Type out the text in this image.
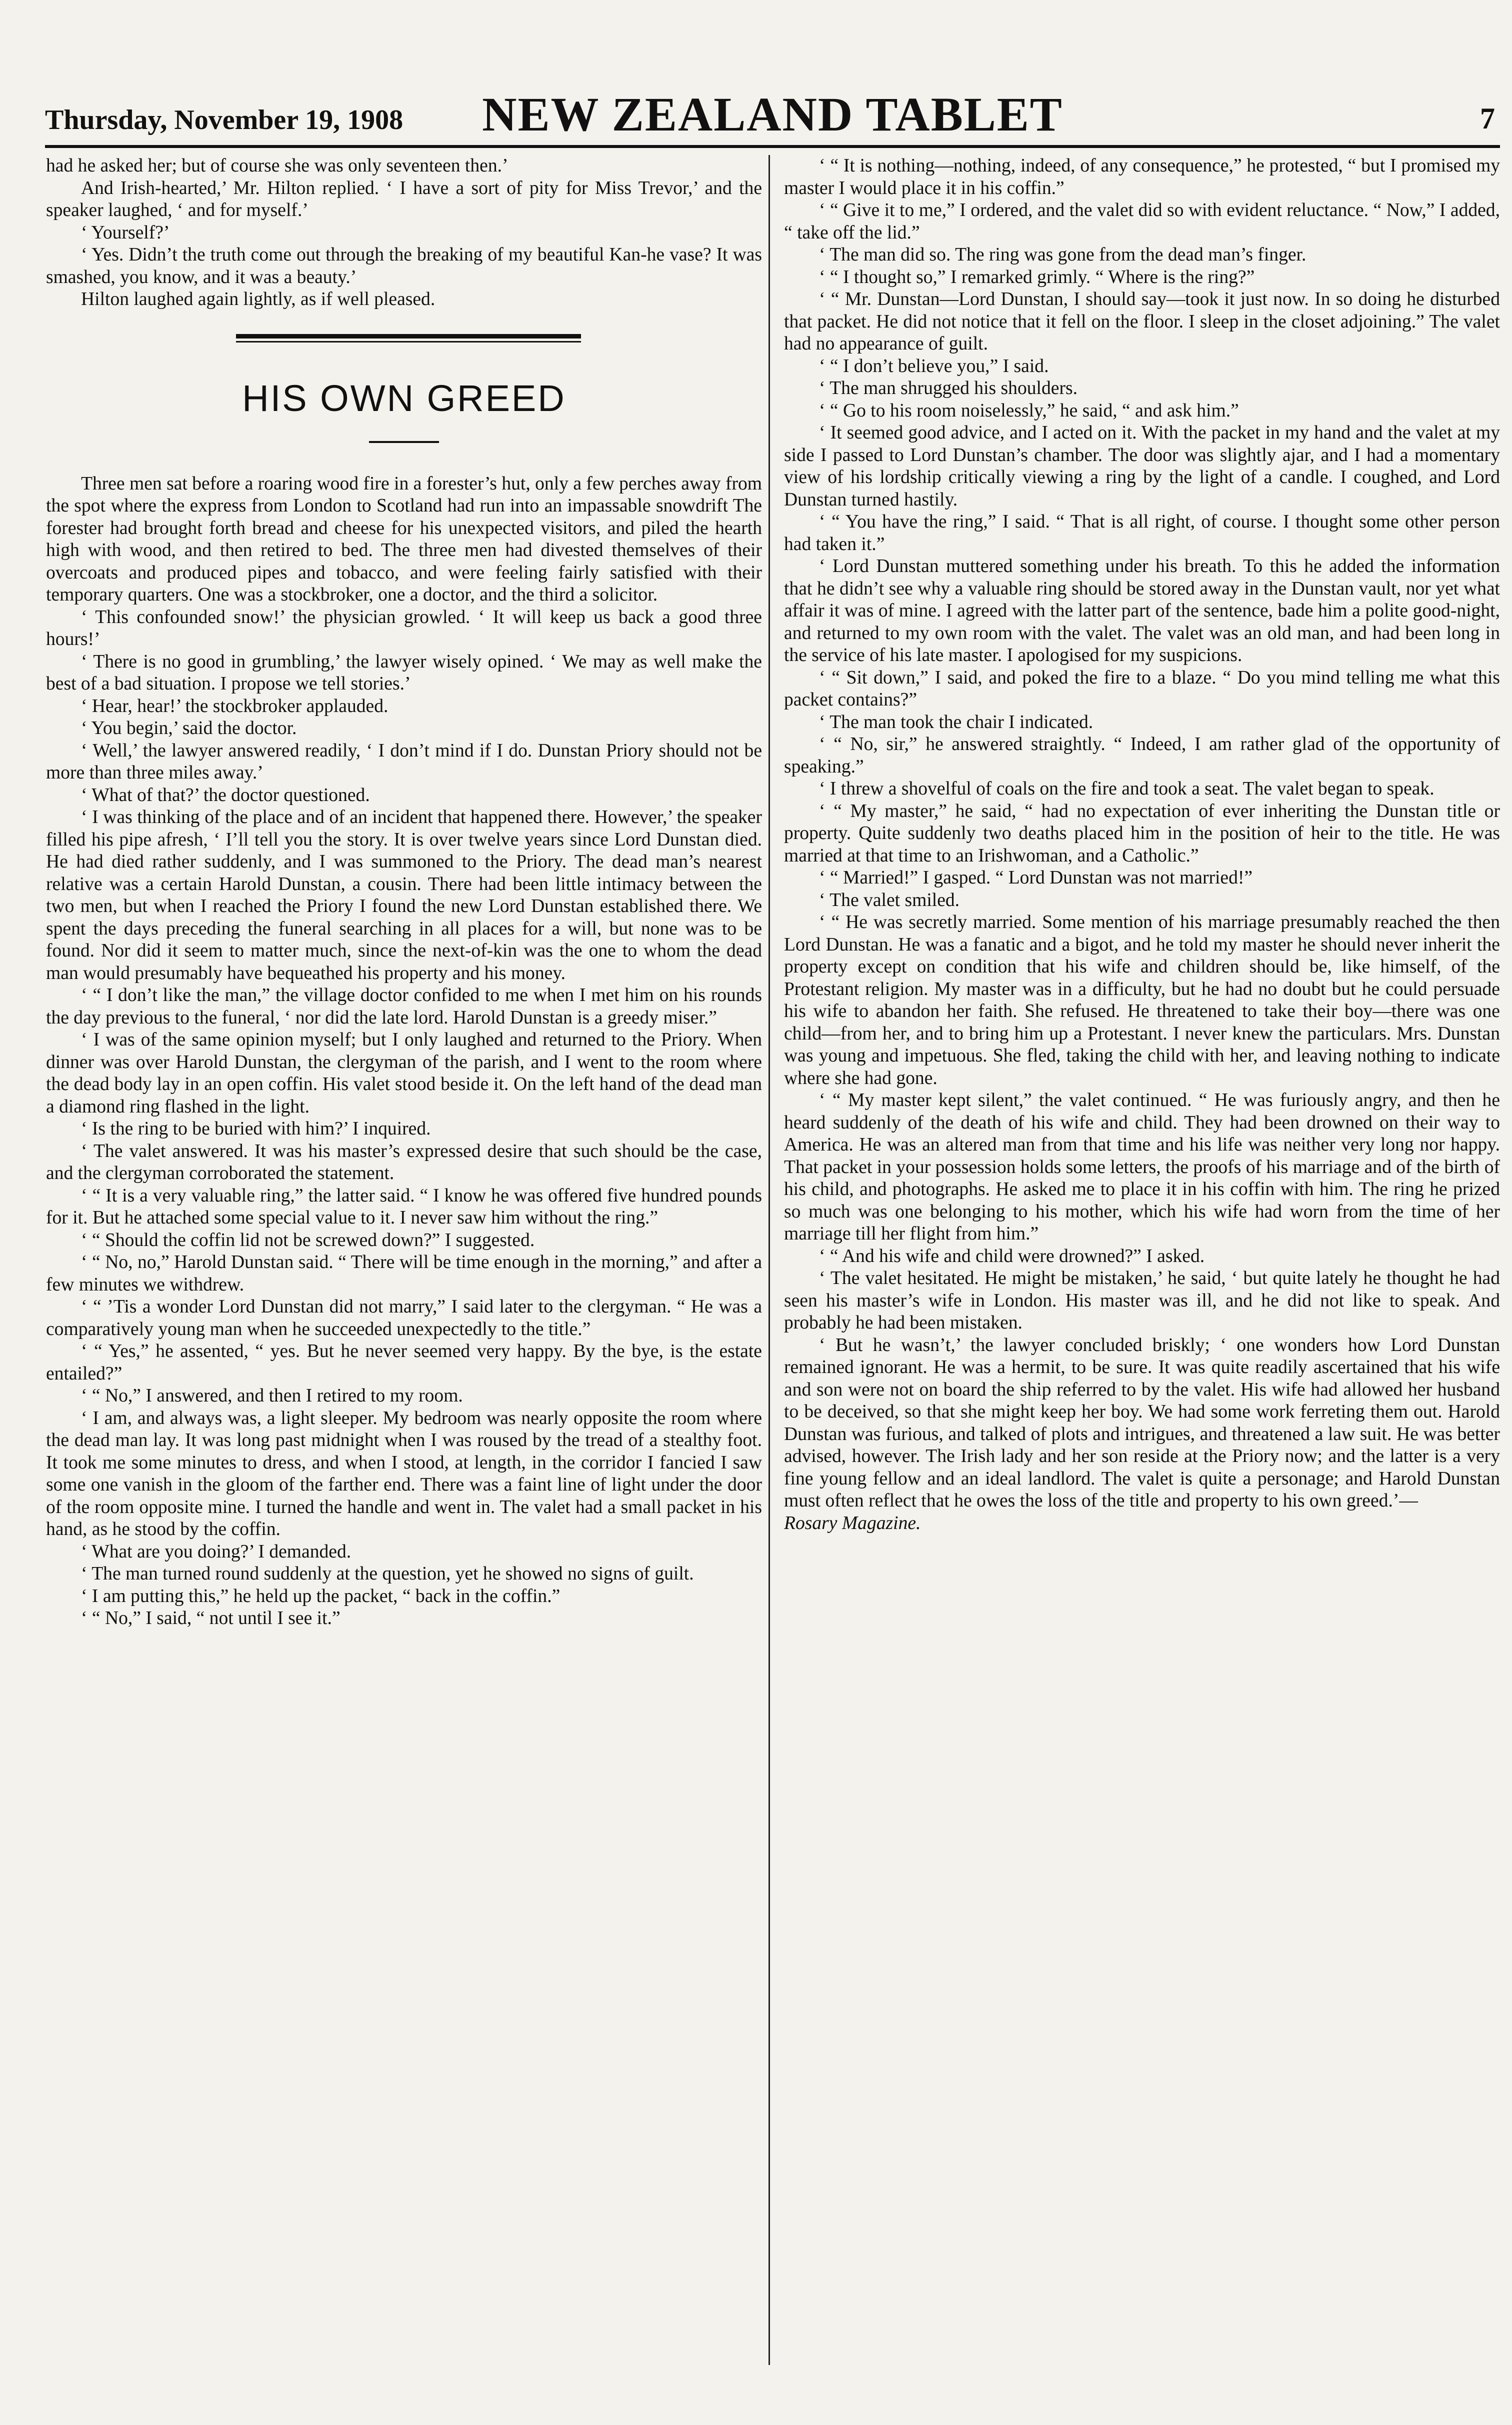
Thursday, November 19, 1908	NEW ZEALAND TABLET	7

had he asked her; but of course she was only seventeen then.’

And Irish-hearted,’ Mr. Hilton replied. ‘ I have a sort of pity for Miss Trevor,’ and the speaker laughed, ‘ and for myself.’

‘ Yourself?’

‘ Yes. Didn’t the truth come out through the breaking of my beautiful Kan-he vase? It was smashed, you know, and it was a beauty.’

Hilton laughed again lightly, as if well pleased.

HIS OWN GREED

Three men sat before a roaring wood fire in a forester’s hut, only a few perches away from the spot where the express from London to Scotland had run into an impassable snowdrift The forester had brought forth bread and cheese for his unexpected visitors, and piled the hearth high with wood, and then retired to bed. The three men had divested themselves of their overcoats and produced pipes and tobacco, and were feeling fairly satisfied with their temporary quarters. One was a stockbroker, one a doctor, and the third a solicitor.

‘ This confounded snow!’ the physician growled. ‘ It will keep us back a good three hours!’

‘ There is no good in grumbling,’ the lawyer wisely opined. ‘ We may as well make the best of a bad situation. I propose we tell stories.’

‘ Hear, hear!’ the stockbroker applauded.

‘ You begin,’ said the doctor.

‘ Well,’ the lawyer answered readily, ‘ I don’t mind if I do. Dunstan Priory should not be more than three miles away.’

‘ What of that?’ the doctor questioned.

‘ I was thinking of the place and of an incident that happened there. However,’ the speaker filled his pipe afresh, ‘ I’ll tell you the story. It is over twelve years since Lord Dunstan died. He had died rather suddenly, and I was summoned to the Priory. The dead man’s nearest relative was a certain Harold Dunstan, a cousin. There had been little intimacy between the two men, but when I reached the Priory I found the new Lord Dunstan established there. We spent the days preceding the funeral searching in all places for a will, but none was to be found. Nor did it seem to matter much, since the next-of-kin was the one to whom the dead man would presumably have bequeathed his property and his money.

‘ “ I don’t like the man,” the village doctor confided to me when I met him on his rounds the day previous to the funeral, ‘ nor did the late lord. Harold Dunstan is a greedy miser.”

‘ I was of the same opinion myself; but I only laughed and returned to the Priory. When dinner was over Harold Dunstan, the clergyman of the parish, and I went to the room where the dead body lay in an open coffin. His valet stood beside it. On the left hand of the dead man a diamond ring flashed in the light.

‘ Is the ring to be buried with him?’ I inquired.

‘ The valet answered. It was his master’s expressed desire that such should be the case, and the clergyman corroborated the statement.

‘ “ It is a very valuable ring,” the latter said. “ I know he was offered five hundred pounds for it. But he attached some special value to it. I never saw him without the ring.”

‘ “ Should the coffin lid not be screwed down?” I suggested.

‘ “ No, no,” Harold Dunstan said. “ There will be time enough in the morning,” and after a few minutes we withdrew.

‘ “ ’Tis a wonder Lord Dunstan did not marry,” I said later to the clergyman. “ He was a comparatively young man when he succeeded unexpectedly to the title.”

‘ “ Yes,” he assented, “ yes. But he never seemed very happy. By the bye, is the estate entailed?”

‘ “ No,” I answered, and then I retired to my room.

‘ I am, and always was, a light sleeper. My bedroom was nearly opposite the room where the dead man lay. It was long past midnight when I was roused by the tread of a stealthy foot. It took me some minutes to dress, and when I stood, at length, in the corridor I fancied I saw some one vanish in the gloom of the farther end. There was a faint line of light under the door of the room opposite mine. I turned the handle and went in. The valet had a small packet in his hand, as he stood by the coffin.

‘ What are you doing?’ I demanded.

‘ The man turned round suddenly at the question, yet he showed no signs of guilt.

‘ I am putting this,” he held up the packet, “ back in the coffin.”

‘ “ No,” I said, “ not until I see it.”

‘ “ It is nothing—nothing, indeed, of any consequence,” he protested, “ but I promised my master I would place it in his coffin.”

‘ “ Give it to me,” I ordered, and the valet did so with evident reluctance. “ Now,” I added, “ take off the lid.”

‘ The man did so. The ring was gone from the dead man’s finger.

‘ “ I thought so,” I remarked grimly. “ Where is the ring?”

‘ “ Mr. Dunstan—Lord Dunstan, I should say—took it just now. In so doing he disturbed that packet. He did not notice that it fell on the floor. I sleep in the closet adjoining.” The valet had no appearance of guilt.

‘ “ I don’t believe you,” I said.

‘ The man shrugged his shoulders.

‘ “ Go to his room noiselessly,” he said, “ and ask him.”

‘ It seemed good advice, and I acted on it. With the packet in my hand and the valet at my side I passed to Lord Dunstan’s chamber. The door was slightly ajar, and I had a momentary view of his lordship critically viewing a ring by the light of a candle. I coughed, and Lord Dunstan turned hastily.

‘ “ You have the ring,” I said. “ That is all right, of course. I thought some other person had taken it.”

‘ Lord Dunstan muttered something under his breath. To this he added the information that he didn’t see why a valuable ring should be stored away in the Dunstan vault, nor yet what affair it was of mine. I agreed with the latter part of the sentence, bade him a polite good-night, and returned to my own room with the valet. The valet was an old man, and had been long in the service of his late master. I apologised for my suspicions.

‘ “ Sit down,” I said, and poked the fire to a blaze. “ Do you mind telling me what this packet contains?”

‘ The man took the chair I indicated.

‘ “ No, sir,” he answered straightly. “ Indeed, I am rather glad of the opportunity of speaking.”

‘ I threw a shovelful of coals on the fire and took a seat. The valet began to speak.

‘ “ My master,” he said, “ had no expectation of ever inheriting the Dunstan title or property. Quite suddenly two deaths placed him in the position of heir to the title. He was married at that time to an Irishwoman, and a Catholic.”

‘ “ Married!” I gasped. “ Lord Dunstan was not married!”

‘ The valet smiled.

‘ “ He was secretly married. Some mention of his marriage presumably reached the then Lord Dunstan. He was a fanatic and a bigot, and he told my master he should never inherit the property except on condition that his wife and children should be, like himself, of the Protestant religion. My master was in a difficulty, but he had no doubt but he could persuade his wife to abandon her faith. She refused. He threatened to take their boy—there was one child—from her, and to bring him up a Protestant. I never knew the particulars. Mrs. Dunstan was young and impetuous. She fled, taking the child with her, and leaving nothing to indicate where she had gone.

‘ “ My master kept silent,” the valet continued. “ He was furiously angry, and then he heard suddenly of the death of his wife and child. They had been drowned on their way to America. He was an altered man from that time and his life was neither very long nor happy. That packet in your possession holds some letters, the proofs of his marriage and of the birth of his child, and photographs. He asked me to place it in his coffin with him. The ring he prized so much was one belonging to his mother, which his wife had worn from the time of her marriage till her flight from him.”

‘ “ And his wife and child were drowned?” I asked.

‘ The valet hesitated. He might be mistaken,’ he said, ‘ but quite lately he thought he had seen his master’s wife in London. His master was ill, and he did not like to speak. And probably he had been mistaken.

‘ But he wasn’t,’ the lawyer concluded briskly; ‘ one wonders how Lord Dunstan remained ignorant. He was a hermit, to be sure. It was quite readily ascertained that his wife and son were not on board the ship referred to by the valet. His wife had allowed her husband to be deceived, so that she might keep her boy. We had some work ferreting them out. Harold Dunstan was furious, and talked of plots and intrigues, and threatened a law suit. He was better advised, however. The Irish lady and her son reside at the Priory now; and the latter is a very fine young fellow and an ideal landlord. The valet is quite a personage; and Harold Dunstan must often reflect that he owes the loss of the title and property to his own greed.’—

Rosary Magazine.
